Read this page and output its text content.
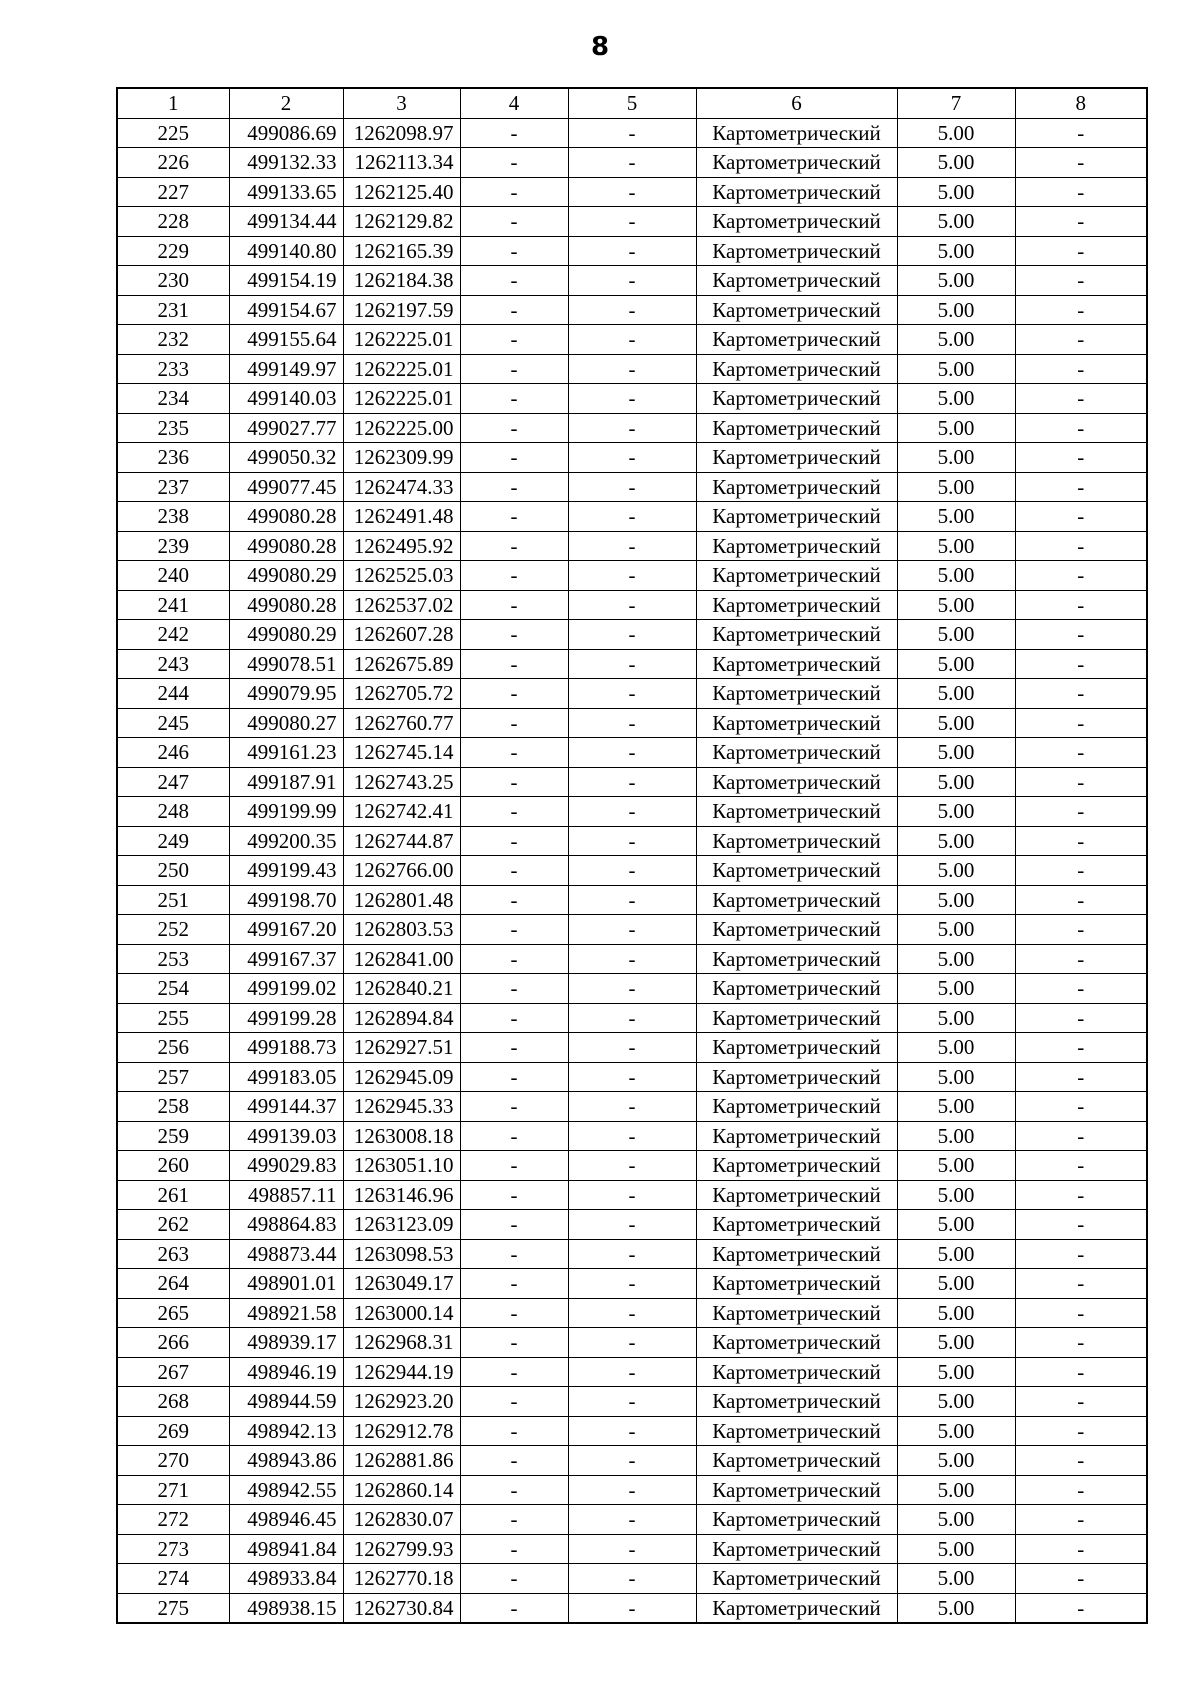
8
1	2	3	4	5	6	7	8
225	499086.69	1262098.97	-	-	Картометрический	5.00	-
226	499132.33	1262113.34	-	-	Картометрический	5.00	-
227	499133.65	1262125.40	-	-	Картометрический	5.00	-
228	499134.44	1262129.82	-	-	Картометрический	5.00	-
229	499140.80	1262165.39	-	-	Картометрический	5.00	-
230	499154.19	1262184.38	-	-	Картометрический	5.00	-
231	499154.67	1262197.59	-	-	Картометрический	5.00	-
232	499155.64	1262225.01	-	-	Картометрический	5.00	-
233	499149.97	1262225.01	-	-	Картометрический	5.00	-
234	499140.03	1262225.01	-	-	Картометрический	5.00	-
235	499027.77	1262225.00	-	-	Картометрический	5.00	-
236	499050.32	1262309.99	-	-	Картометрический	5.00	-
237	499077.45	1262474.33	-	-	Картометрический	5.00	-
238	499080.28	1262491.48	-	-	Картометрический	5.00	-
239	499080.28	1262495.92	-	-	Картометрический	5.00	-
240	499080.29	1262525.03	-	-	Картометрический	5.00	-
241	499080.28	1262537.02	-	-	Картометрический	5.00	-
242	499080.29	1262607.28	-	-	Картометрический	5.00	-
243	499078.51	1262675.89	-	-	Картометрический	5.00	-
244	499079.95	1262705.72	-	-	Картометрический	5.00	-
245	499080.27	1262760.77	-	-	Картометрический	5.00	-
246	499161.23	1262745.14	-	-	Картометрический	5.00	-
247	499187.91	1262743.25	-	-	Картометрический	5.00	-
248	499199.99	1262742.41	-	-	Картометрический	5.00	-
249	499200.35	1262744.87	-	-	Картометрический	5.00	-
250	499199.43	1262766.00	-	-	Картометрический	5.00	-
251	499198.70	1262801.48	-	-	Картометрический	5.00	-
252	499167.20	1262803.53	-	-	Картометрический	5.00	-
253	499167.37	1262841.00	-	-	Картометрический	5.00	-
254	499199.02	1262840.21	-	-	Картометрический	5.00	-
255	499199.28	1262894.84	-	-	Картометрический	5.00	-
256	499188.73	1262927.51	-	-	Картометрический	5.00	-
257	499183.05	1262945.09	-	-	Картометрический	5.00	-
258	499144.37	1262945.33	-	-	Картометрический	5.00	-
259	499139.03	1263008.18	-	-	Картометрический	5.00	-
260	499029.83	1263051.10	-	-	Картометрический	5.00	-
261	498857.11	1263146.96	-	-	Картометрический	5.00	-
262	498864.83	1263123.09	-	-	Картометрический	5.00	-
263	498873.44	1263098.53	-	-	Картометрический	5.00	-
264	498901.01	1263049.17	-	-	Картометрический	5.00	-
265	498921.58	1263000.14	-	-	Картометрический	5.00	-
266	498939.17	1262968.31	-	-	Картометрический	5.00	-
267	498946.19	1262944.19	-	-	Картометрический	5.00	-
268	498944.59	1262923.20	-	-	Картометрический	5.00	-
269	498942.13	1262912.78	-	-	Картометрический	5.00	-
270	498943.86	1262881.86	-	-	Картометрический	5.00	-
271	498942.55	1262860.14	-	-	Картометрический	5.00	-
272	498946.45	1262830.07	-	-	Картометрический	5.00	-
273	498941.84	1262799.93	-	-	Картометрический	5.00	-
274	498933.84	1262770.18	-	-	Картометрический	5.00	-
275	498938.15	1262730.84	-	-	Картометрический	5.00	-
